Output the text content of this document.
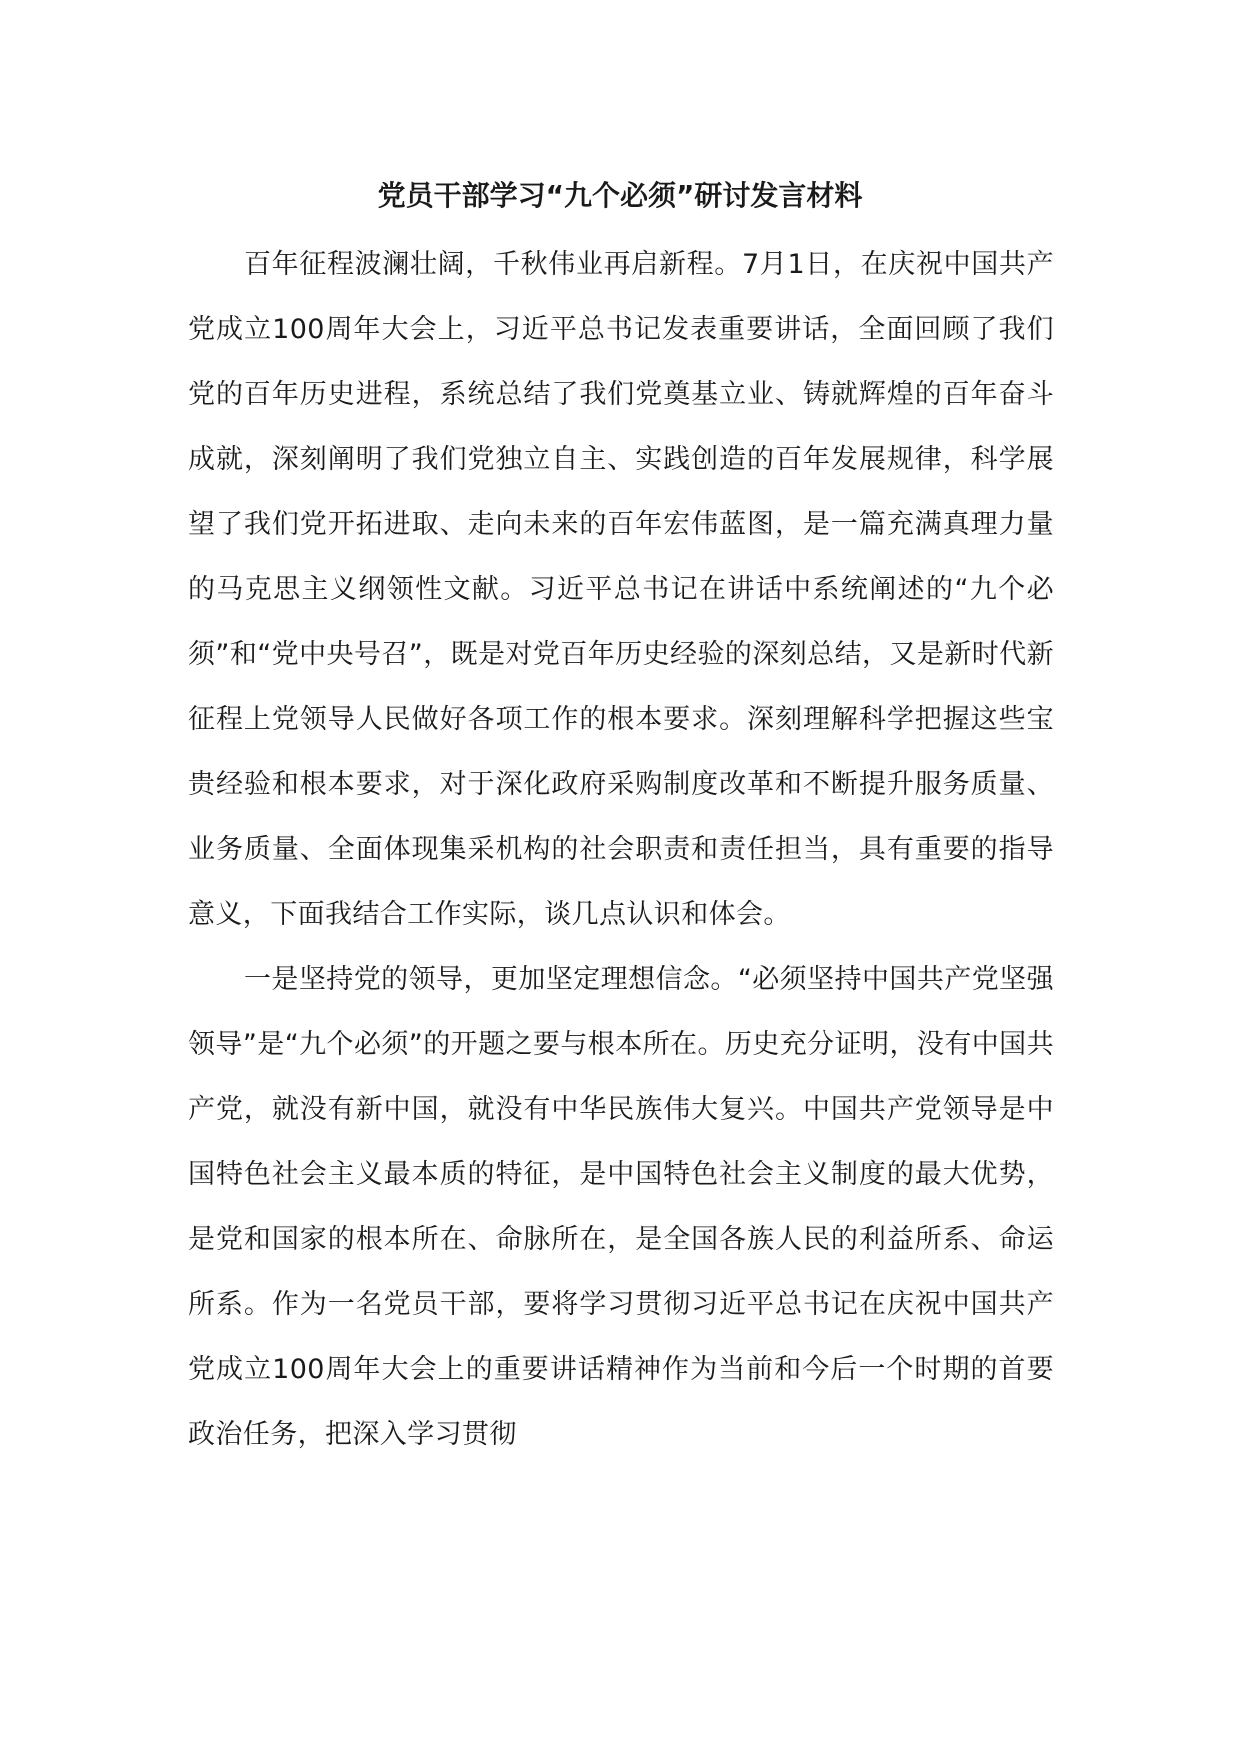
党员干部学习“九个必须”研讨发言材料

百年征程波澜壮阔，千秋伟业再启新程。7月1日，在庆祝中国共产党成立100周年大会上，习近平总书记发表重要讲话，全面回顾了我们党的百年历史进程，系统总结了我们党奠基立业、铸就辉煌的百年奋斗成就，深刻阐明了我们党独立自主、实践创造的百年发展规律，科学展望了我们党开拓进取、走向未来的百年宏伟蓝图，是一篇充满真理力量的马克思主义纲领性文献。习近平总书记在讲话中系统阐述的“九个必须”和“党中央号召”，既是对党百年历史经验的深刻总结，又是新时代新征程上党领导人民做好各项工作的根本要求。深刻理解科学把握这些宝贵经验和根本要求，对于深化政府采购制度改革和不断提升服务质量、业务质量、全面体现集采机构的社会职责和责任担当，具有重要的指导意义，下面我结合工作实际，谈几点认识和体会。

一是坚持党的领导，更加坚定理想信念。“必须坚持中国共产党坚强领导”是“九个必须”的开题之要与根本所在。历史充分证明，没有中国共产党，就没有新中国，就没有中华民族伟大复兴。中国共产党领导是中国特色社会主义最本质的特征，是中国特色社会主义制度的最大优势，是党和国家的根本所在、命脉所在，是全国各族人民的利益所系、命运所系。作为一名党员干部，要将学习贯彻习近平总书记在庆祝中国共产党成立100周年大会上的重要讲话精神作为当前和今后一个时期的首要政治任务，把深入学习贯彻
